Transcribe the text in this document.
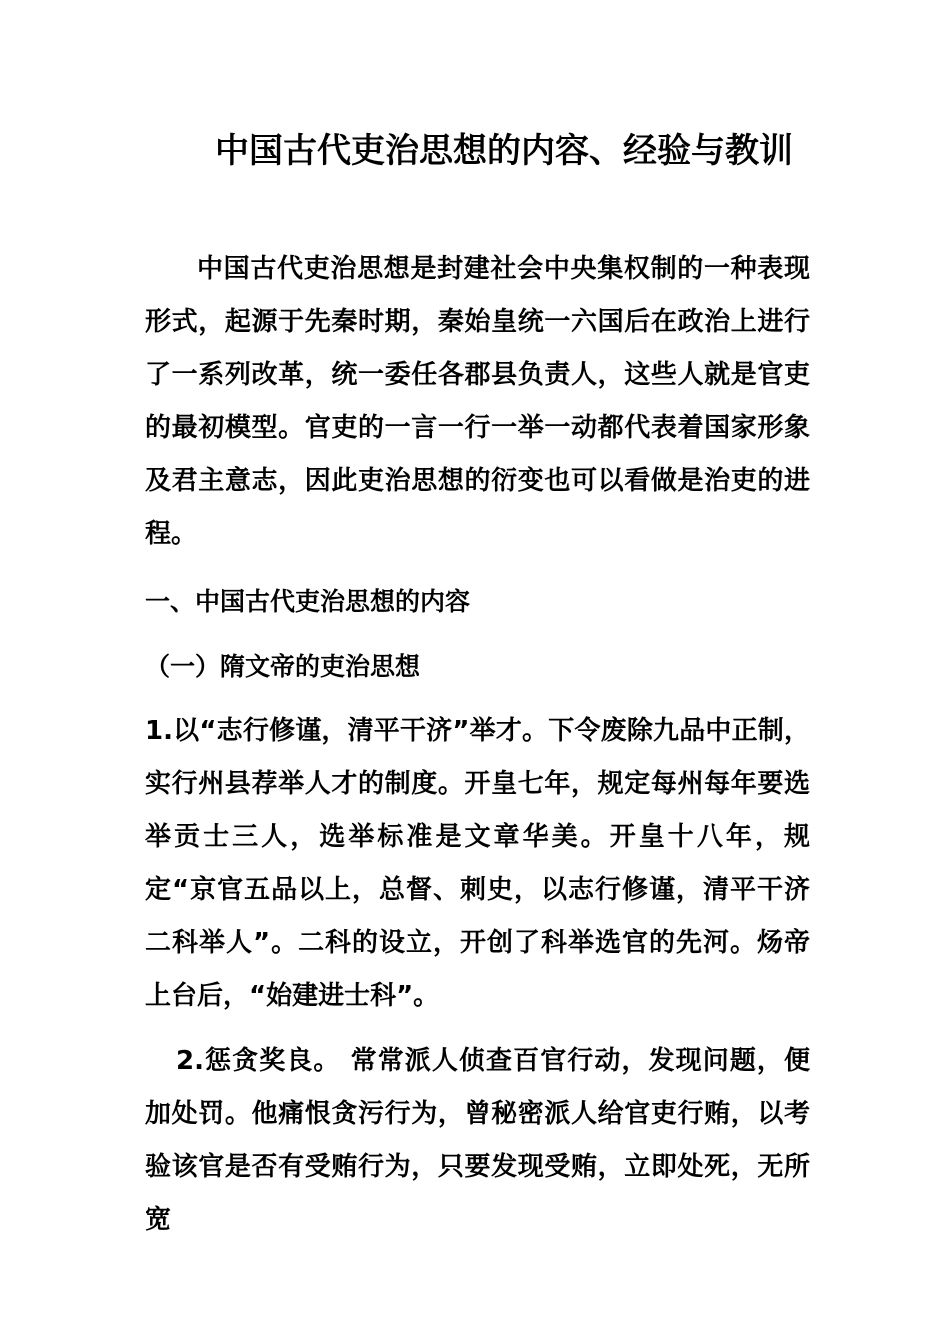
中国古代吏治思想的内容、经验与教训

中国古代吏治思想是封建社会中央集权制的一种表现形式，起源于先秦时期，秦始皇统一六国后在政治上进行了一系列改革，统一委任各郡县负责人，这些人就是官吏的最初模型。官吏的一言一行一举一动都代表着国家形象及君主意志，因此吏治思想的衍变也可以看做是治吏的进程。

一、中国古代吏治思想的内容
（一）隋文帝的吏治思想

1.以“志行修谨，清平干济”举才。下令废除九品中正制，实行州县荐举人才的制度。开皇七年，规定每州每年要选举贡士三人，选举标准是文章华美。开皇十八年，规定“京官五品以上，总督、刺史，以志行修谨，清平干济二科举人”。二科的设立，开创了科举选官的先河。炀帝上台后，“始建进士科”。

2.惩贪奖良。 常常派人侦查百官行动，发现问题，便加处罚。他痛恨贪污行为，曾秘密派人给官吏行贿，以考验该官是否有受贿行为，只要发现受贿，立即处死，无所宽
